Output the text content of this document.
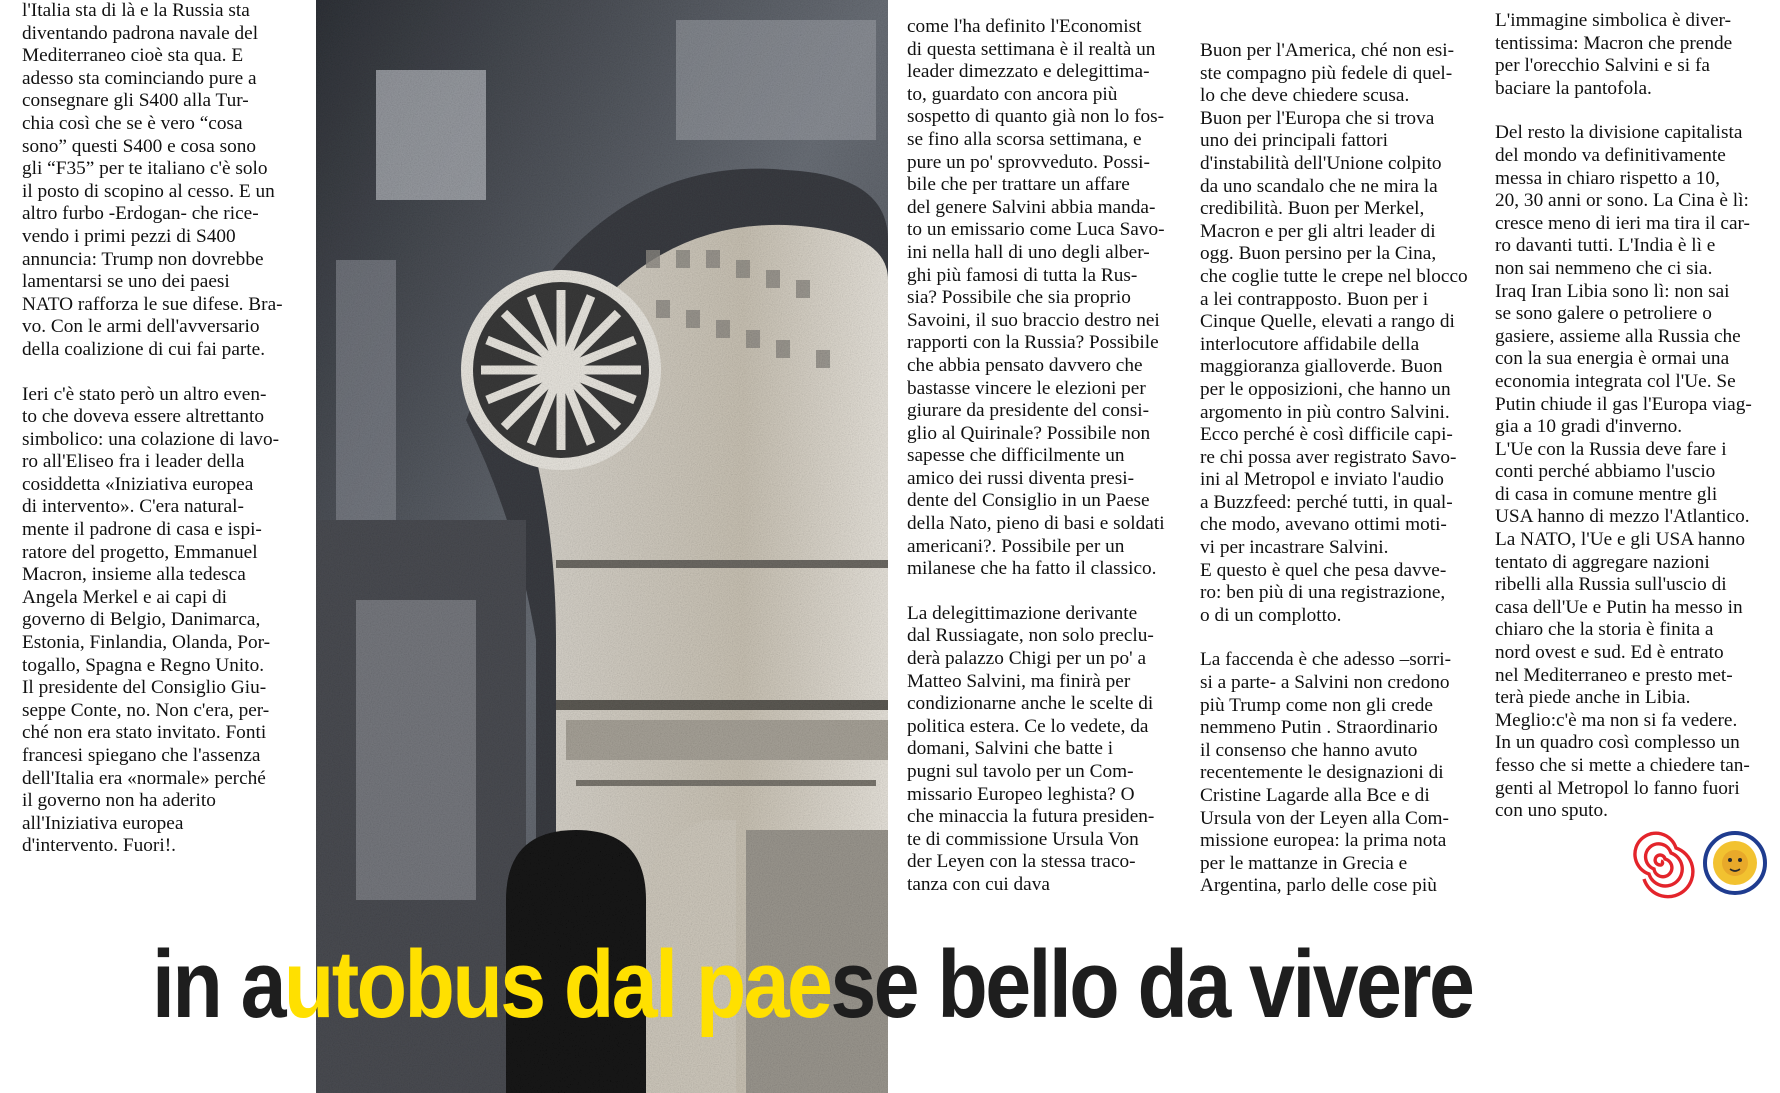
l'Italia sta di là e la Russia sta
diventando padrona navale del
Mediterraneo cioè sta qua. E
adesso sta cominciando pure a
consegnare gli S400 alla Tur-
chia così che se è vero “cosa
sono” questi S400 e cosa sono
gli “F35” per te italiano c'è solo
il posto di scopino al cesso. E un
altro furbo -Erdogan- che rice-
vendo i primi pezzi di S400
annuncia: Trump non dovrebbe
lamentarsi se uno dei paesi
NATO rafforza le sue difese. Bra-
vo. Con le armi dell'avversario
della coalizione di cui fai parte.

Ieri c'è stato però un altro even-
to che doveva essere altrettanto
simbolico: una colazione di lavo-
ro all'Eliseo fra i leader della
cosiddetta «Iniziativa europea
di intervento». C'era natural-
mente il padrone di casa e ispi-
ratore del progetto, Emmanuel
Macron, insieme alla tedesca
Angela Merkel e ai capi di
governo di Belgio, Danimarca,
Estonia, Finlandia, Olanda, Por-
togallo, Spagna e Regno Unito.
Il presidente del Consiglio Giu-
seppe Conte, no. Non c'era, per-
ché non era stato invitato. Fonti
francesi spiegano che l'assenza
dell'Italia era «normale» perché
il governo non ha aderito
all'Iniziativa europea
d'intervento. Fuori!.

come l'ha definito l'Economist
di questa settimana è il realtà un
leader dimezzato e delegittima-
to, guardato con ancora più
sospetto di quanto già non lo fos-
se fino alla scorsa settimana, e
pure un po' sprovveduto. Possi-
bile che per trattare un affare
del genere Salvini abbia manda-
to un emissario come Luca Savo-
ini nella hall di uno degli alber-
ghi più famosi di tutta la Rus-
sia? Possibile che sia proprio
Savoini, il suo braccio destro nei
rapporti con la Russia? Possibile
che abbia pensato davvero che
bastasse vincere le elezioni per
giurare da presidente del consi-
glio al Quirinale? Possibile non
sapesse che difficilmente un
amico dei russi diventa presi-
dente del Consiglio in un Paese
della Nato, pieno di basi e soldati
americani?. Possibile per un
milanese che ha fatto il classico.

La delegittimazione derivante
dal Russiagate, non solo preclu-
derà palazzo Chigi per un po' a
Matteo Salvini, ma finirà per
condizionarne anche le scelte di
politica estera. Ce lo vedete, da
domani, Salvini che batte i
pugni sul tavolo per un Com-
missario Europeo leghista? O
che minaccia la futura presiden-
te di commissione Ursula Von
der Leyen con la stessa traco-
tanza con cui dava

Buon per l'America, ché non esi-
ste compagno più fedele di quel-
lo che deve chiedere scusa.
Buon per l'Europa che si trova
uno dei principali fattori
d'instabilità dell'Unione colpito
da uno scandalo che ne mira la
credibilità. Buon per Merkel,
Macron e per gli altri leader di
ogg. Buon persino per la Cina,
che coglie tutte le crepe nel blocco
a lei contrapposto. Buon per i
Cinque Quelle, elevati a rango di
interlocutore affidabile della
maggioranza gialloverde. Buon
per le opposizioni, che hanno un
argomento in più contro Salvini.
Ecco perché è così difficile capi-
re chi possa aver registrato Savo-
ini al Metropol e inviato l'audio
a Buzzfeed: perché tutti, in qual-
che modo, avevano ottimi moti-
vi per incastrare Salvini.
E questo è quel che pesa davve-
ro: ben più di una registrazione,
o di un complotto.

La faccenda è che adesso –sorri-
si a parte- a Salvini non credono
più Trump come non gli crede
nemmeno Putin . Straordinario
il consenso che hanno avuto
recentemente le designazioni di
Cristine Lagarde alla Bce e di
Ursula von der Leyen alla Com-
missione europea: la prima nota
per le mattanze in Grecia e
Argentina, parlo delle cose più

L'immagine simbolica è diver-
tentissima: Macron che prende
per l'orecchio Salvini e si fa
baciare la pantofola.

Del resto la divisione capitalista
del mondo va definitivamente
messa in chiaro rispetto a 10,
20, 30 anni or sono. La Cina è lì:
cresce meno di ieri ma tira il car-
ro davanti tutti. L'India è lì e
non sai nemmeno che ci sia.
Iraq Iran Libia sono lì: non sai
se sono galere o petroliere o
gasiere, assieme alla Russia che
con la sua energia è ormai una
economia integrata col l'Ue. Se
Putin chiude il gas l'Europa viag-
gia a 10 gradi d'inverno.
L'Ue con la Russia deve fare i
conti perché abbiamo l'uscio
di casa in comune mentre gli
USA hanno di mezzo l'Atlantico.
La NATO, l'Ue e gli USA hanno
tentato di aggregare nazioni
ribelli alla Russia sull'uscio di
casa dell'Ue e Putin ha messo in
chiaro che la storia è finita a
nord ovest e sud. Ed è entrato
nel Mediterraneo e presto met-
terà piede anche in Libia.
Meglio:c'è ma non si fa vedere.
In un quadro così complesso un
fesso che si mette a chiedere tan-
genti al Metropol lo fanno fuori
con uno sputo.

in autobus dal paese bello da vivere
